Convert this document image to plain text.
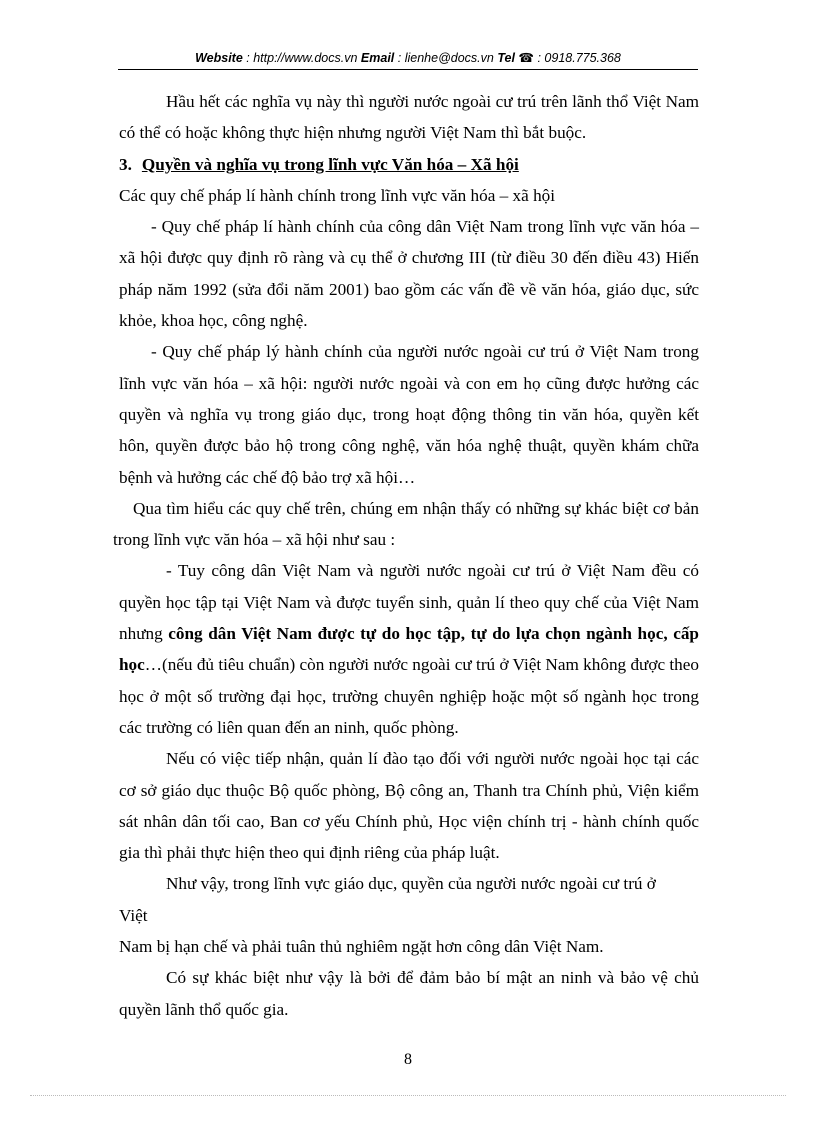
Website : http://www.docs.vn Email : lienhe@docs.vn Tel ☎ : 0918.775.368

Hầu hết các nghĩa vụ này thì người nước ngoài cư trú trên lãnh thổ Việt Nam có thể có hoặc không thực hiện nhưng người Việt Nam thì bắt buộc.

3. Quyền và nghĩa vụ trong lĩnh vực Văn hóa – Xã hội

Các quy chế pháp lí hành chính trong lĩnh vực văn hóa – xã hội

- Quy chế pháp lí hành chính của công dân Việt Nam trong lĩnh vực văn hóa – xã hội được quy định rõ ràng và cụ thể ở chương III (từ điều 30 đến điều 43) Hiến pháp năm 1992 (sửa đổi năm 2001) bao gồm các vấn đề về văn hóa, giáo dục, sức khỏe, khoa học, công nghệ.

- Quy chế pháp lý hành chính của người nước ngoài cư trú ở Việt Nam trong lĩnh vực văn hóa – xã hội: người nước ngoài và con em họ cũng được hưởng các quyền và nghĩa vụ trong giáo dục, trong hoạt động thông tin văn hóa, quyền kết hôn, quyền được bảo hộ trong công nghệ, văn hóa nghệ thuật, quyền khám chữa bệnh và hưởng các chế độ bảo trợ xã hội…

Qua tìm hiểu các quy chế trên, chúng em nhận thấy có những sự khác biệt cơ bản trong lĩnh vực văn hóa – xã hội như sau :

- Tuy công dân Việt Nam và người nước ngoài cư trú ở Việt Nam đều có quyền học tập tại Việt Nam và được tuyển sinh, quản lí theo quy chế của Việt Nam nhưng công dân Việt Nam được tự do học tập, tự do lựa chọn ngành học, cấp học…(nếu đủ tiêu chuẩn) còn người nước ngoài cư trú ở Việt Nam không được theo học ở một số trường đại học, trường chuyên nghiệp hoặc một số ngành học trong các trường có liên quan đến an ninh, quốc phòng.

Nếu có việc tiếp nhận, quản lí đào tạo đối với người nước ngoài học tại các cơ sở giáo dục thuộc Bộ quốc phòng, Bộ công an, Thanh tra Chính phủ, Viện kiểm sát nhân dân tối cao, Ban cơ yếu Chính phủ, Học viện chính trị - hành chính quốc gia thì phải thực hiện theo qui định riêng của pháp luật.

Như vậy, trong lĩnh vực giáo dục, quyền của người nước ngoài cư trú ở

Việt

Nam bị hạn chế và phải tuân thủ nghiêm ngặt hơn công dân Việt Nam.

Có sự khác biệt như vậy là bởi để đảm bảo bí mật an ninh và bảo vệ chủ quyền lãnh thổ quốc gia.

8
